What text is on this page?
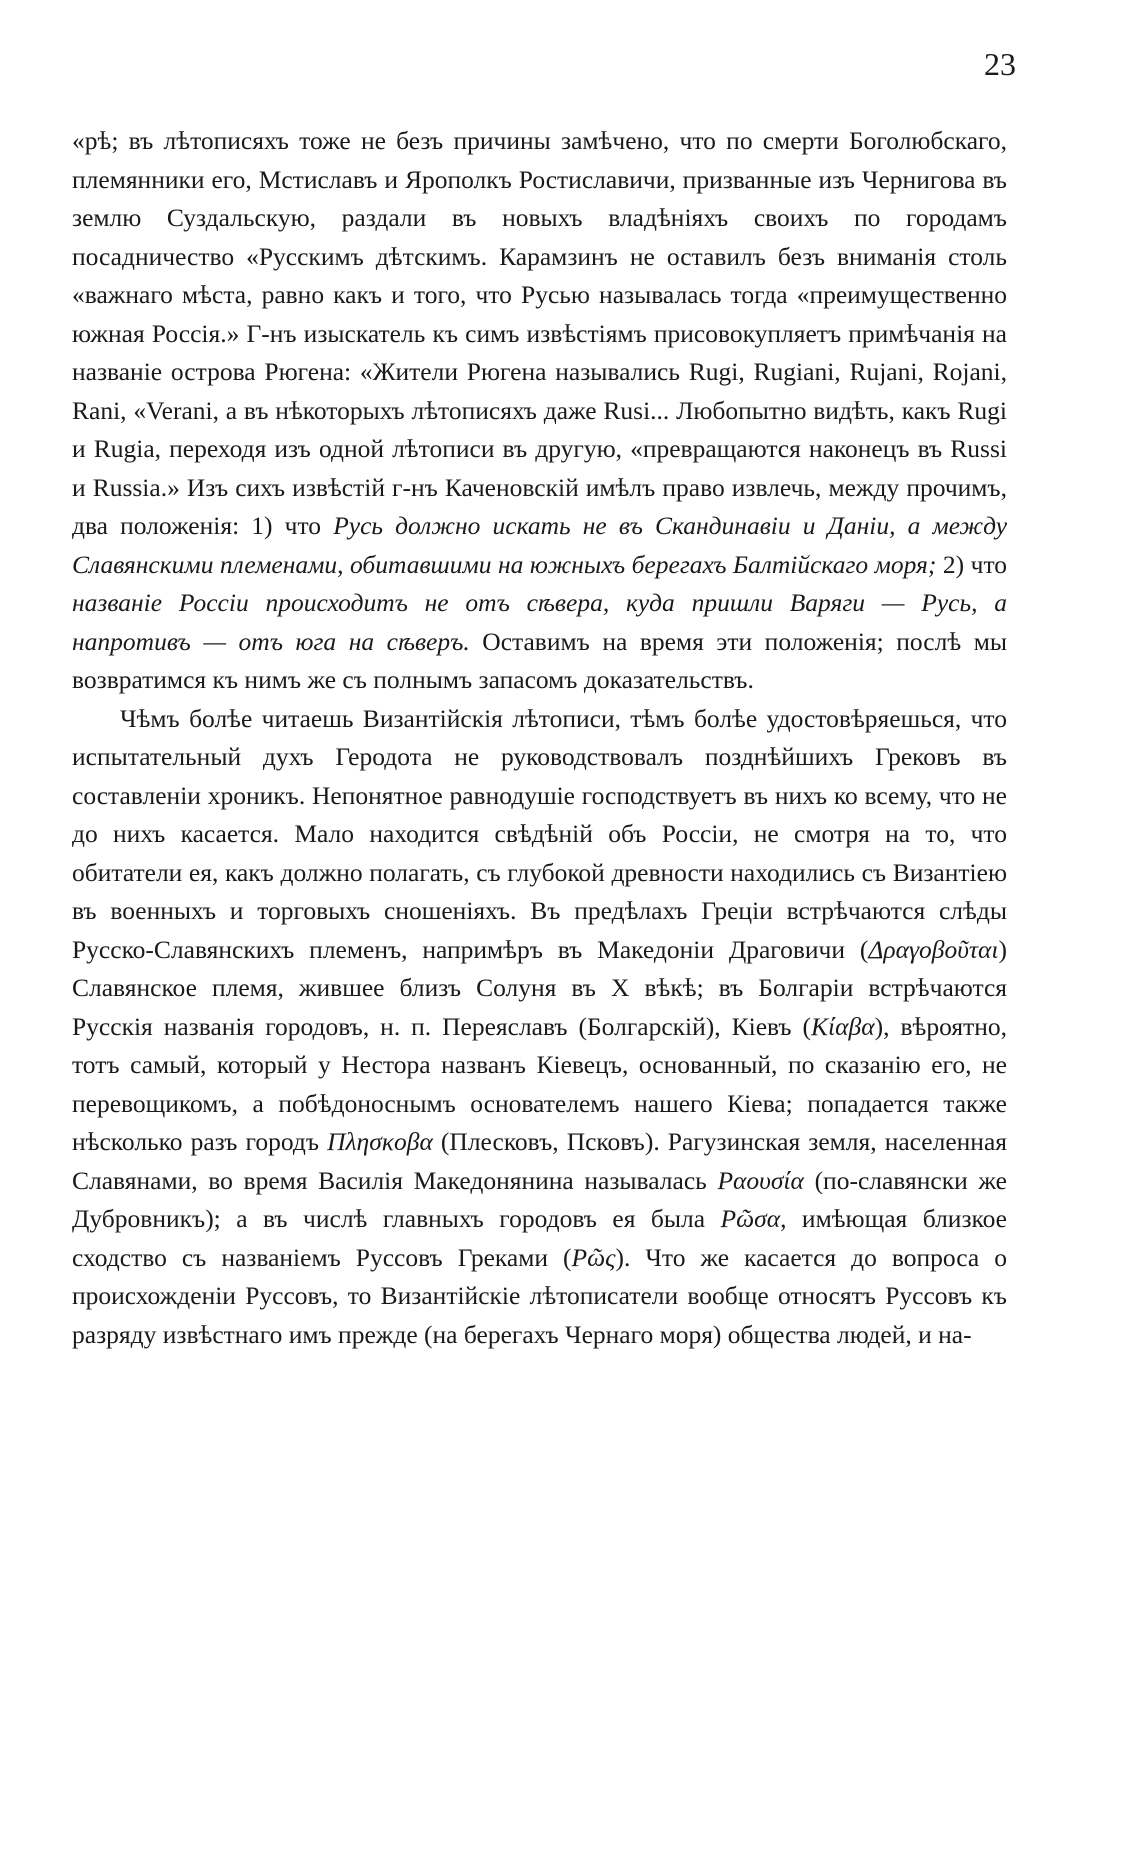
23

«рѣ; въ лѣтописяхъ тоже не безъ причины замѣчено, что по смерти Боголюбскаго, племянники его, Мстиславъ и Ярополкъ Ростиславичи, призванные изъ Чернигова въ землю Суздальскую, раздали въ новыхъ владѣніяхъ своихъ по городамъ посадничество «Русскимъ дѣтскимъ. Карамзинъ не оставилъ безъ вниманія столь «важнаго мѣста, равно какъ и того, что Русью называлась тогда «преимущественно южная Россія.» Г-нъ изыскатель къ симъ извѣстіямъ присовокупляетъ примѣчанія на названіе острова Рюгена: «Жители Рюгена назывались Rugi, Rugiani, Rujani, Rojani, Rani, «Verani, а въ нѣкоторыхъ лѣтописяхъ даже Rusi... Любопытно видѣть, какъ Rugi и Rugia, переходя изъ одной лѣтописи въ другую, «превращаются наконецъ въ Russi и Russia.» Изъ сихъ извѣстій г-нъ Каченовскій имѣлъ право извлечь, между прочимъ, два положенія: 1) что Русь должно искать не въ Скандинавіи и Даніи, а между Славянскими племенами, обитавшими на южныхъ берегахъ Балтійскаго моря; 2) что названіе Россіи происходитъ не отъ сѣвера, куда пришли Варяги — Русь, а напротивъ — отъ юга на сѣверъ. Оставимъ на время эти положенія; послѣ мы возвратимся къ нимъ же съ полнымъ запасомъ доказательствъ.

Чѣмъ болѣе читаешь Византійскія лѣтописи, тѣмъ болѣе удостовѣряешься, что испытательный духъ Геродота не руководствовалъ позднѣйшихъ Грековъ въ составленіи хроникъ. Непонятное равнодушіе господствуетъ въ нихъ ко всему, что не до нихъ касается. Мало находится свѣдѣній объ Россіи, не смотря на то, что обитатели ея, какъ должно полагать, съ глубокой древности находились съ Византіею въ военныхъ и торговыхъ сношеніяхъ. Въ предѣлахъ Греціи встрѣчаются слѣды Русско-Славянскихъ племенъ, напримѣръ въ Македоніи Драговичи (Δραγοβοῦται) Славянское племя, жившее близъ Солуня въ X вѣкѣ; въ Болгаріи встрѣчаются Русскія названія городовъ, н. п. Переяславъ (Болгарскій), Кіевъ (Κίαβα), вѣроятно, тотъ самый, который у Нестора названъ Кіевецъ, основанный, по сказанію его, не перевощикомъ, а побѣдоноснымъ основателемъ нашего Кіева; попадается также нѣсколько разъ городъ Πλησκοβα (Плесковъ, Псковъ). Рагузинская земля, населенная Славянами, во время Василія Македонянина называлась Ραουσία (по-славянски же Дубровникъ); а въ числѣ главныхъ городовъ ея была Ρῶσα, имѣющая близкое сходство съ названіемъ Руссовъ Греками (Ρῶς). Что же касается до вопроса о происхожденіи Руссовъ, то Византійскіе лѣтописатели вообще относятъ Руссовъ къ разряду извѣстнаго имъ прежде (на берегахъ Чернаго моря) общества людей, и на-
